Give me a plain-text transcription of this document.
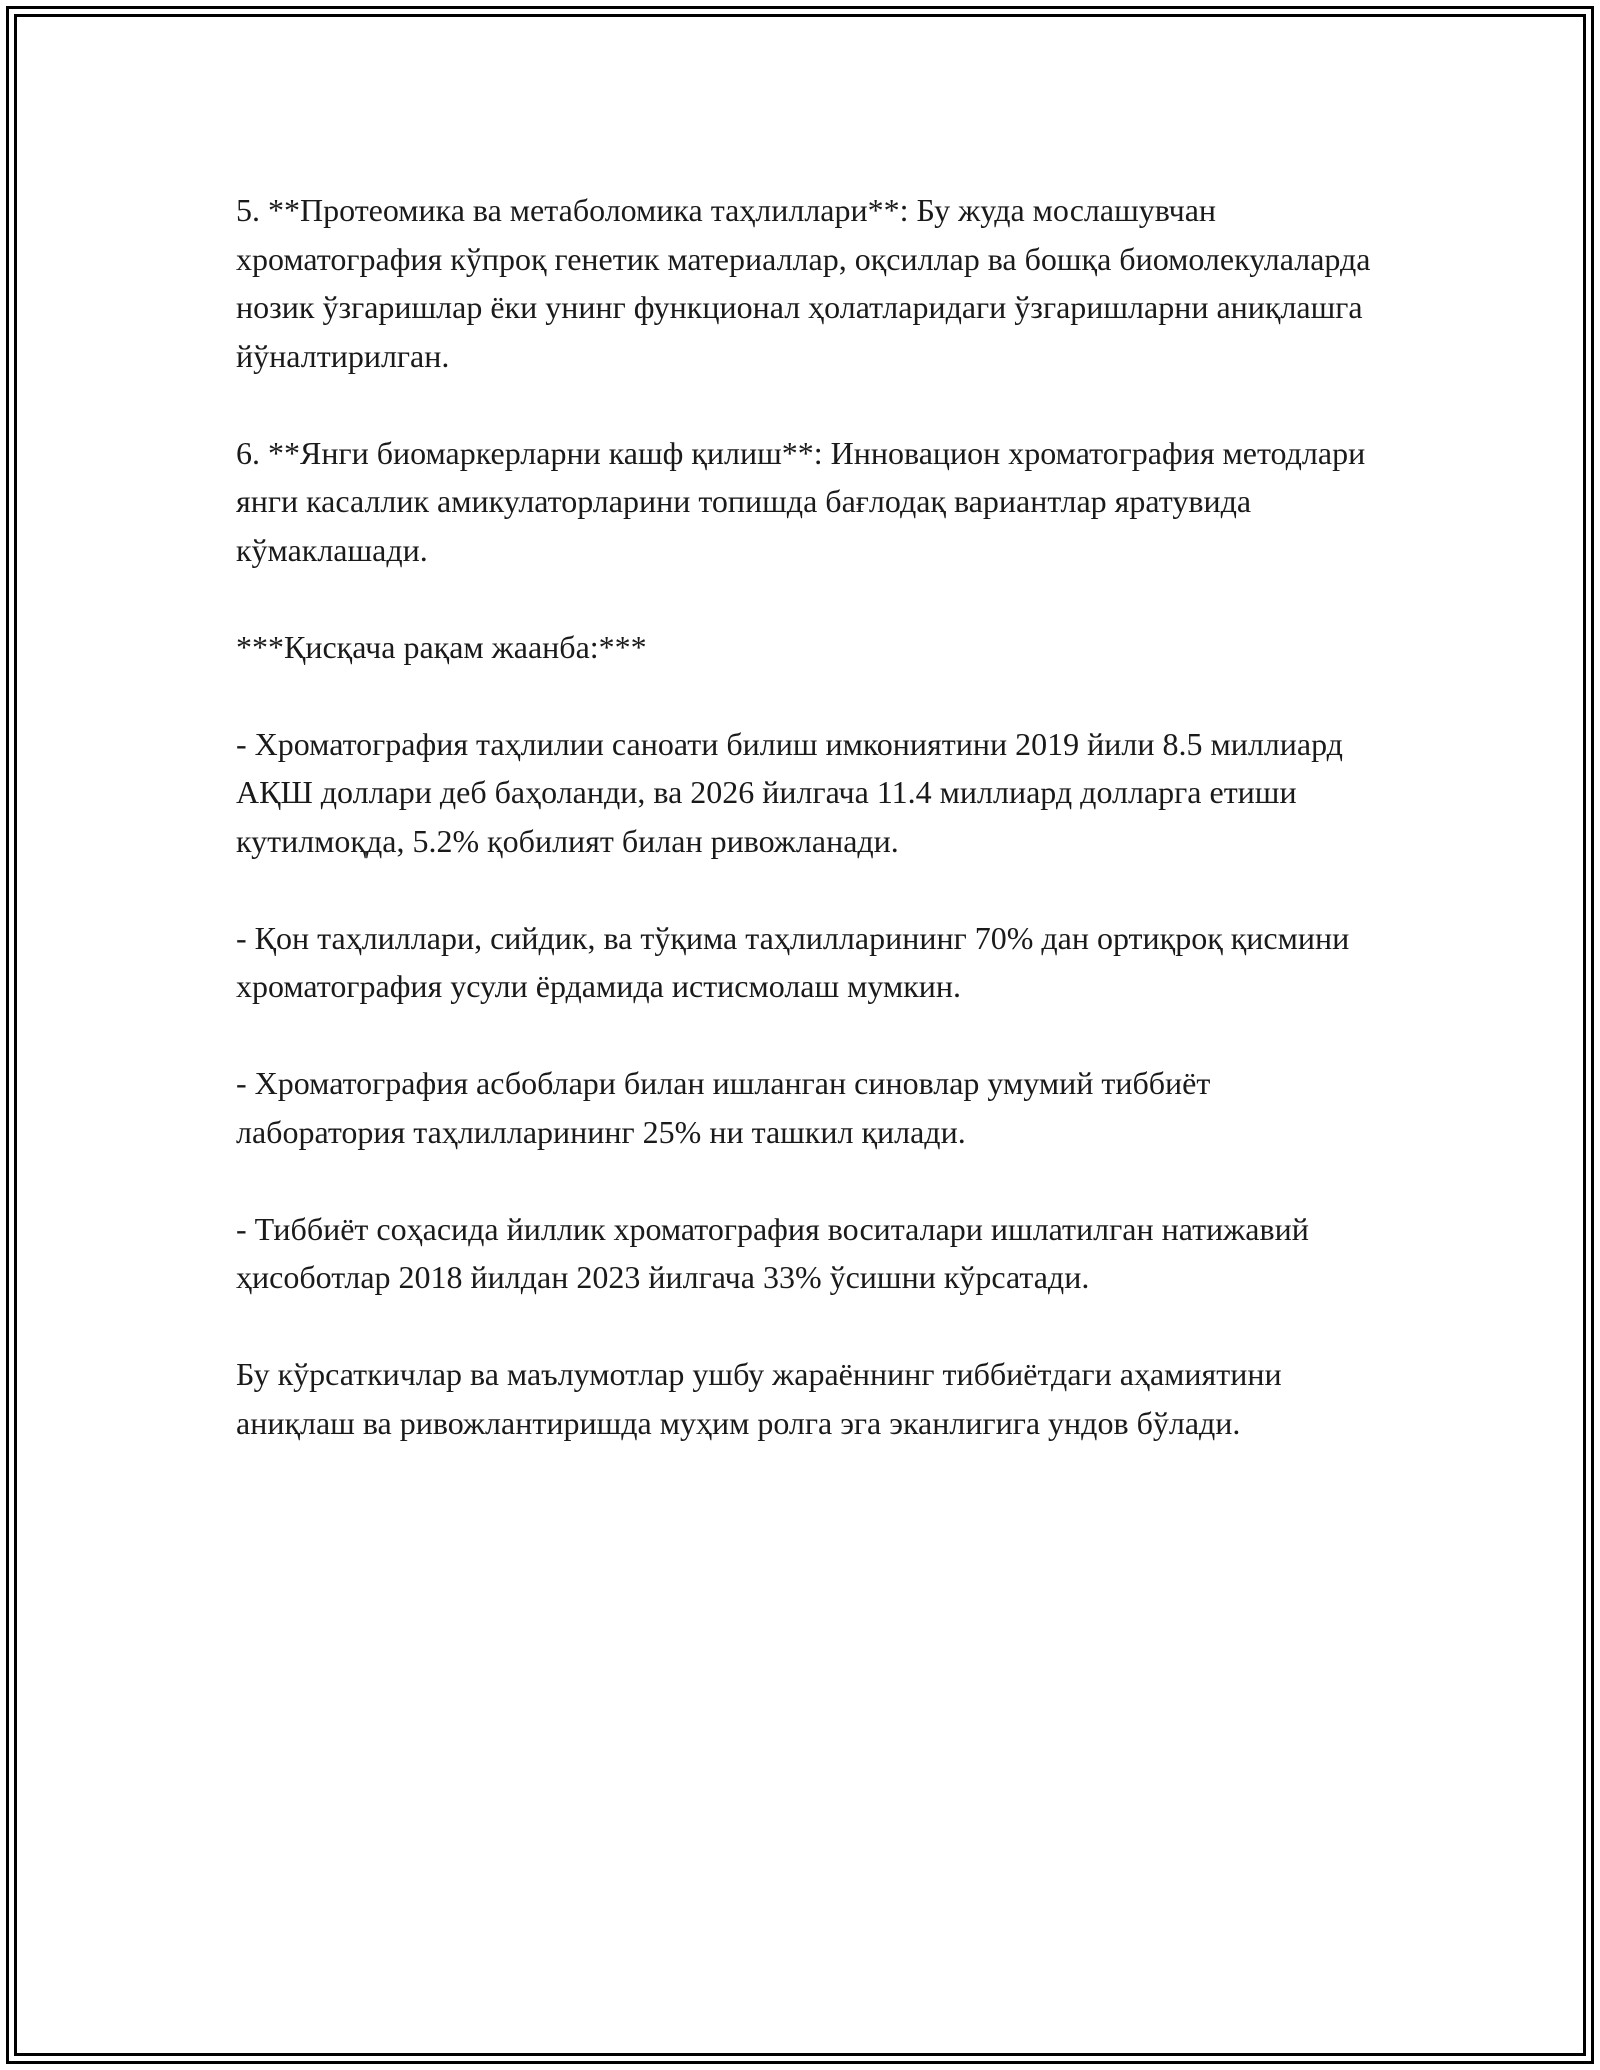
5. **Протеомика ва метаболомика таҳлиллари**: Бу жуда мослашувчан хроматография кўпроқ генетик материаллар, оқсиллар ва бошқа биомолекулаларда нозик ўзгаришлар ёки унинг функционал ҳолатларидаги ўзгаришларни аниқлашга йўналтирилган.

6. **Янги биомаркерларни кашф қилиш**: Инновацион хроматография методлари янги касаллик амикулаторларини топишда бағлодақ вариантлар яратувида кўмаклашади.

***Қисқача рақам жаанба:***

- Хроматография таҳлилии саноати билиш имкониятини 2019 йили 8.5 миллиард АҚШ доллари деб баҳоланди, ва 2026 йилгача 11.4 миллиард долларга етиши кутилмоқда, 5.2% қобилият билан ривожланади.

- Қон таҳлиллари, сийдик, ва тўқима таҳлилларининг 70% дан ортиқроқ қисмини хроматография усули ёрдамида истисмолаш мумкин.

- Хроматография асбоблари билан ишланган синовлар умумий тиббиёт лаборатория таҳлилларининг 25% ни ташкил қилади.

- Тиббиёт соҳасида йиллик хроматография воситалари ишлатилган натижавий ҳисоботлар 2018 йилдан 2023 йилгача 33% ўсишни кўрсатади.

Бу кўрсаткичлар ва маълумотлар ушбу жараённинг тиббиётдаги аҳамиятини аниқлаш ва ривожлантиришда муҳим ролга эга эканлигига ундов бўлади.
